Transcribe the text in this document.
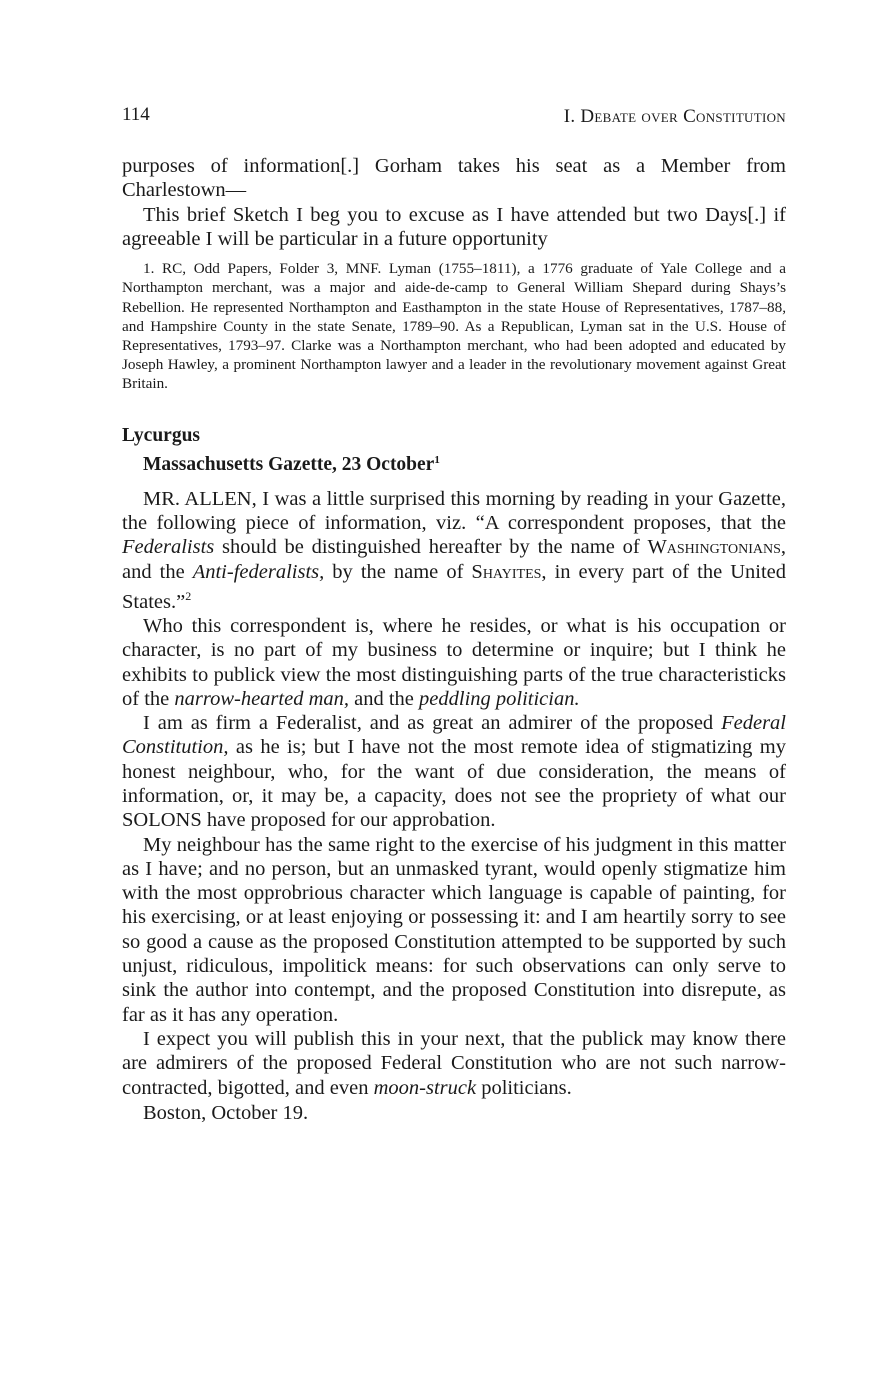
114	I. Debate over Constitution

purposes of information[.] Gorham takes his seat as a Member from Charlestown—

This brief Sketch I beg you to excuse as I have attended but two Days[.] if agreeable I will be particular in a future opportunity

1. RC, Odd Papers, Folder 3, MNF. Lyman (1755–1811), a 1776 graduate of Yale College and a Northampton merchant, was a major and aide-de-camp to General William Shepard during Shays’s Rebellion. He represented Northampton and Easthampton in the state House of Representatives, 1787–88, and Hampshire County in the state Senate, 1789–90. As a Republican, Lyman sat in the U.S. House of Representatives, 1793–97. Clarke was a Northampton merchant, who had been adopted and educated by Joseph Hawley, a prominent Northampton lawyer and a leader in the revolutionary movement against Great Britain.

Lycurgus
Massachusetts Gazette, 23 October$^1$

MR. ALLEN, I was a little surprised this morning by reading in your Gazette, the following piece of information, viz. “A correspondent proposes, that the Federalists should be distinguished hereafter by the name of Washingtonians, and the Anti-federalists, by the name of Shayites, in every part of the United States.”$^2$

Who this correspondent is, where he resides, or what is his occupation or character, is no part of my business to determine or inquire; but I think he exhibits to publick view the most distinguishing parts of the true characteristicks of the narrow-hearted man, and the peddling politician.

I am as firm a Federalist, and as great an admirer of the proposed Federal Constitution, as he is; but I have not the most remote idea of stigmatizing my honest neighbour, who, for the want of due consideration, the means of information, or, it may be, a capacity, does not see the propriety of what our SOLONS have proposed for our approbation.

My neighbour has the same right to the exercise of his judgment in this matter as I have; and no person, but an unmasked tyrant, would openly stigmatize him with the most opprobrious character which language is capable of painting, for his exercising, or at least enjoying or possessing it: and I am heartily sorry to see so good a cause as the proposed Constitution attempted to be supported by such unjust, ridiculous, impolitick means: for such observations can only serve to sink the author into contempt, and the proposed Constitution into disrepute, as far as it has any operation.

I expect you will publish this in your next, that the publick may know there are admirers of the proposed Federal Constitution who are not such narrow-contracted, bigotted, and even moon-struck politicians.

Boston, October 19.
